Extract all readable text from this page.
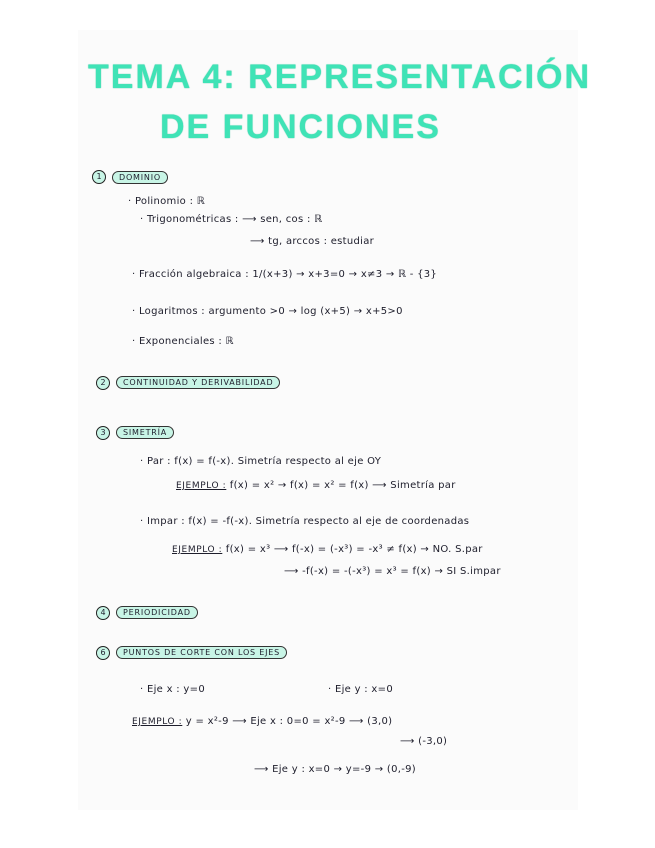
TEMA 4: REPRESENTACIÓN
DE FUNCIONES
1	DOMINIO
· Polinomio : ℝ
· Trigonométricas : ⟶ sen, cos : ℝ
⟶ tg, arccos : estudiar
· Fracción algebraica : 1/(x+3) → x+3=0 → x≠3 → ℝ - {3}
· Logaritmos : argumento >0 → log (x+5) → x+5>0
· Exponenciales : ℝ
2	CONTINUIDAD Y DERIVABILIDAD
3	SIMETRÍA
· Par : f(x) = f(-x). Simetría respecto al eje OY
EJEMPLO : f(x) = x² → f(x) = x² = f(x) ⟶ Simetría par
· Impar : f(x) = -f(-x). Simetría respecto al eje de coordenadas
EJEMPLO : f(x) = x³ ⟶ f(-x) = (-x³) = -x³ ≠ f(x) → NO. S.par
⟶ -f(-x) = -(-x³) = x³ = f(x) → SI S.impar
4	PERIODICIDAD
6	PUNTOS DE CORTE CON LOS EJES
· Eje x : y=0	· Eje y : x=0
EJEMPLO : y = x²-9 ⟶ Eje x : 0=0 = x²-9 ⟶ (3,0)
⟶ (-3,0)
⟶ Eje y : x=0 → y=-9 → (0,-9)
